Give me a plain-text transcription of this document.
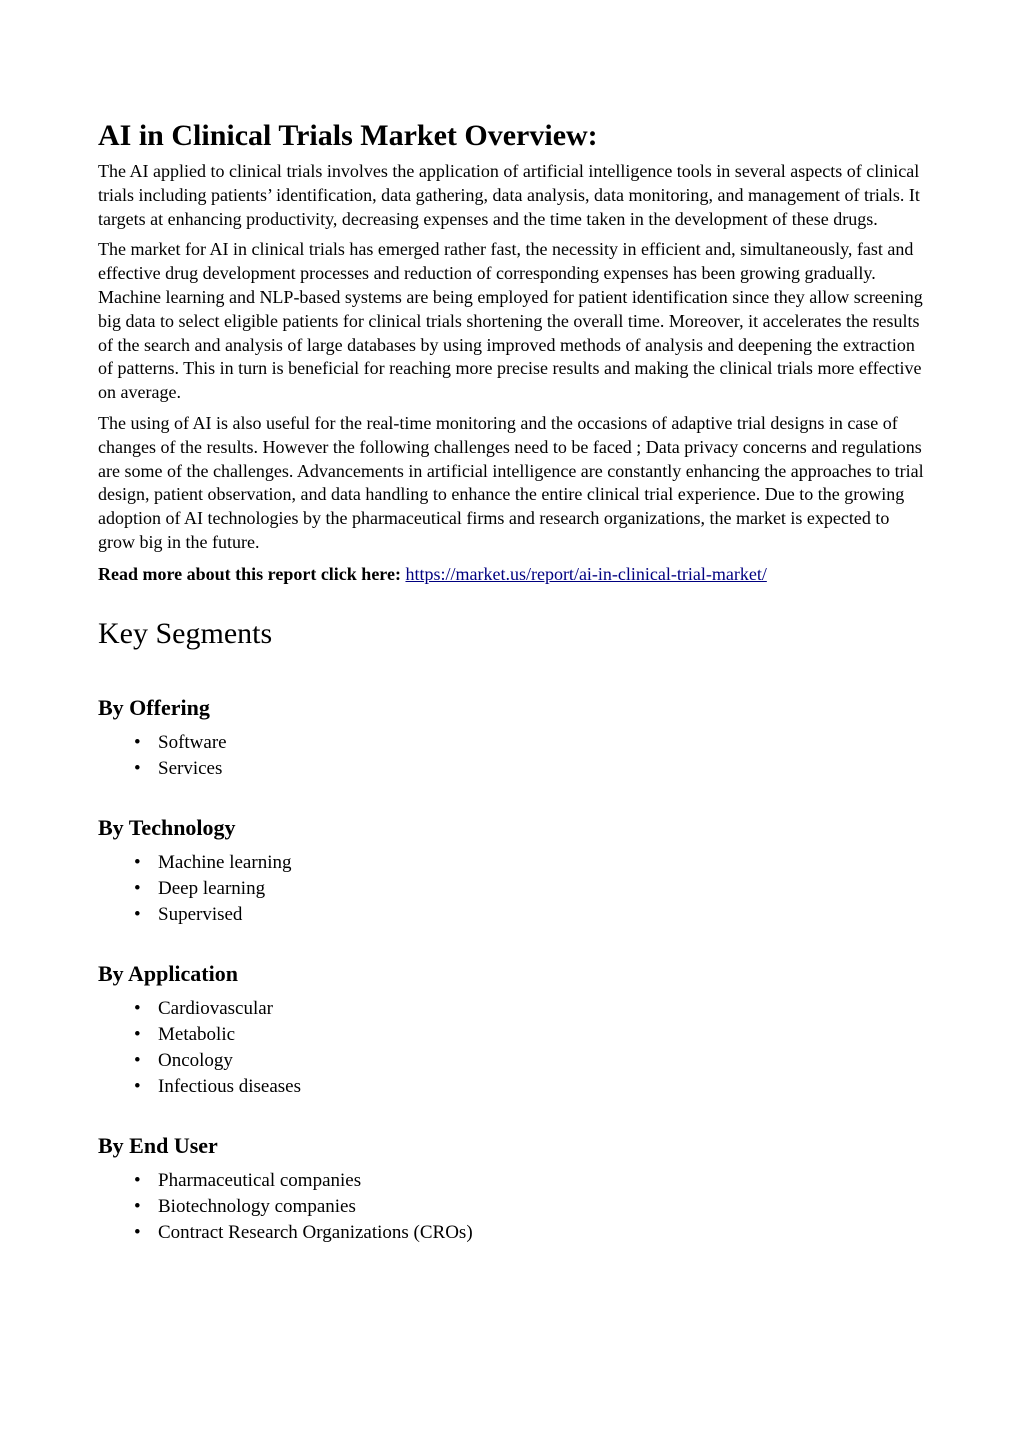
AI in Clinical Trials Market Overview:

The AI applied to clinical trials involves the application of artificial intelligence tools in several aspects of clinical trials including patients’ identification, data gathering, data analysis, data monitoring, and management of trials. It targets at enhancing productivity, decreasing expenses and the time taken in the development of these drugs.

The market for AI in clinical trials has emerged rather fast, the necessity in efficient and, simultaneously, fast and effective drug development processes and reduction of corresponding expenses has been growing gradually. Machine learning and NLP-based systems are being employed for patient identification since they allow screening big data to select eligible patients for clinical trials shortening the overall time. Moreover, it accelerates the results of the search and analysis of large databases by using improved methods of analysis and deepening the extraction of patterns. This in turn is beneficial for reaching more precise results and making the clinical trials more effective on average.

The using of AI is also useful for the real-time monitoring and the occasions of adaptive trial designs in case of changes of the results. However the following challenges need to be faced ; Data privacy concerns and regulations are some of the challenges. Advancements in artificial intelligence are constantly enhancing the approaches to trial design, patient observation, and data handling to enhance the entire clinical trial experience. Due to the growing adoption of AI technologies by the pharmaceutical firms and research organizations, the market is expected to grow big in the future.

Read more about this report click here: https://market.us/report/ai-in-clinical-trial-market/
Key Segments
By Offering
• Software
• Services
By Technology
• Machine learning
• Deep learning
• Supervised
By Application
• Cardiovascular
• Metabolic
• Oncology
• Infectious diseases
By End User
• Pharmaceutical companies
• Biotechnology companies
• Contract Research Organizations (CROs)
